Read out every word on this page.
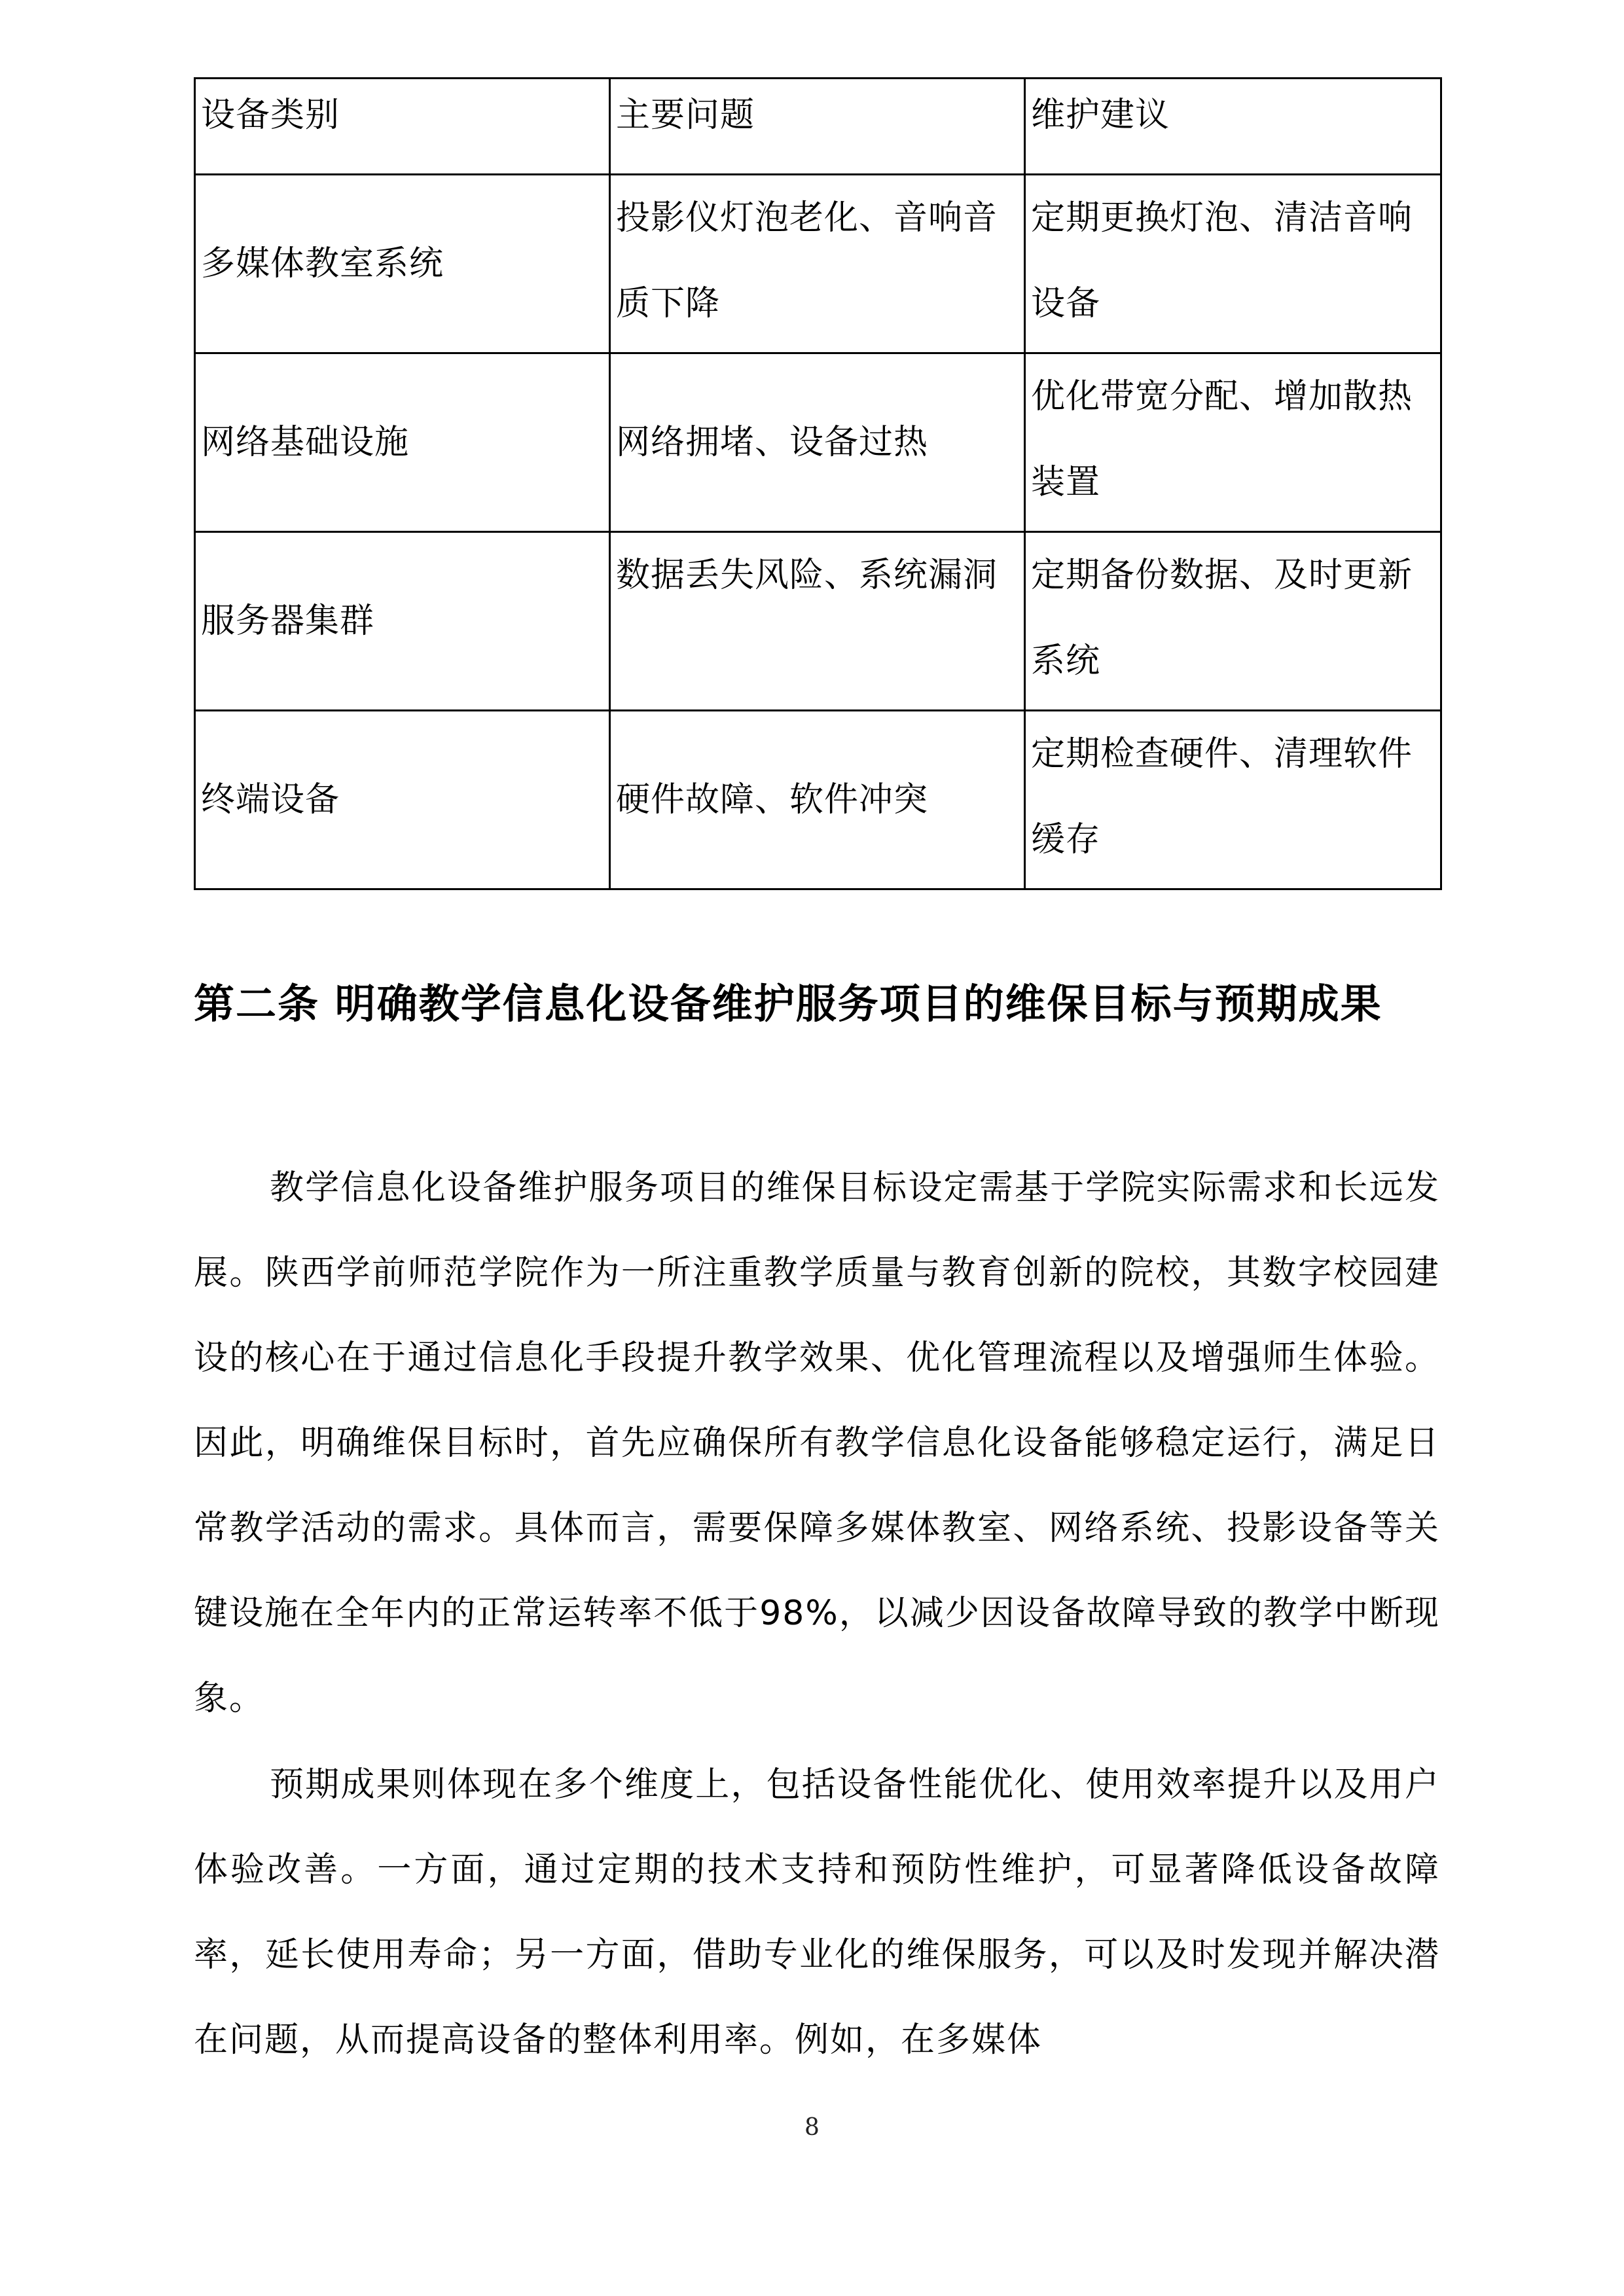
设备类别	主要问题	维护建议
多媒体教室系统	投影仪灯泡老化、音响音质下降	定期更换灯泡、清洁音响设备
网络基础设施	网络拥堵、设备过热	优化带宽分配、增加散热装置
服务器集群	数据丢失风险、系统漏洞	定期备份数据、及时更新系统
终端设备	硬件故障、软件冲突	定期检查硬件、清理软件缓存
第二条 明确教学信息化设备维护服务项目的维保目标与预期成果

教学信息化设备维护服务项目的维保目标设定需基于学院实际需求和长远发展。陕西学前师范学院作为一所注重教学质量与教育创新的院校，其数字校园建设的核心在于通过信息化手段提升教学效果、优化管理流程以及增强师生体验。因此，明确维保目标时，首先应确保所有教学信息化设备能够稳定运行，满足日常教学活动的需求。具体而言，需要保障多媒体教室、网络系统、投影设备等关键设施在全年内的正常运转率不低于98%，以减少因设备故障导致的教学中断现象。

预期成果则体现在多个维度上，包括设备性能优化、使用效率提升以及用户体验改善。一方面，通过定期的技术支持和预防性维护，可显著降低设备故障率，延长使用寿命；另一方面，借助专业化的维保服务，可以及时发现并解决潜在问题，从而提高设备的整体利用率。例如，在多媒体

8
